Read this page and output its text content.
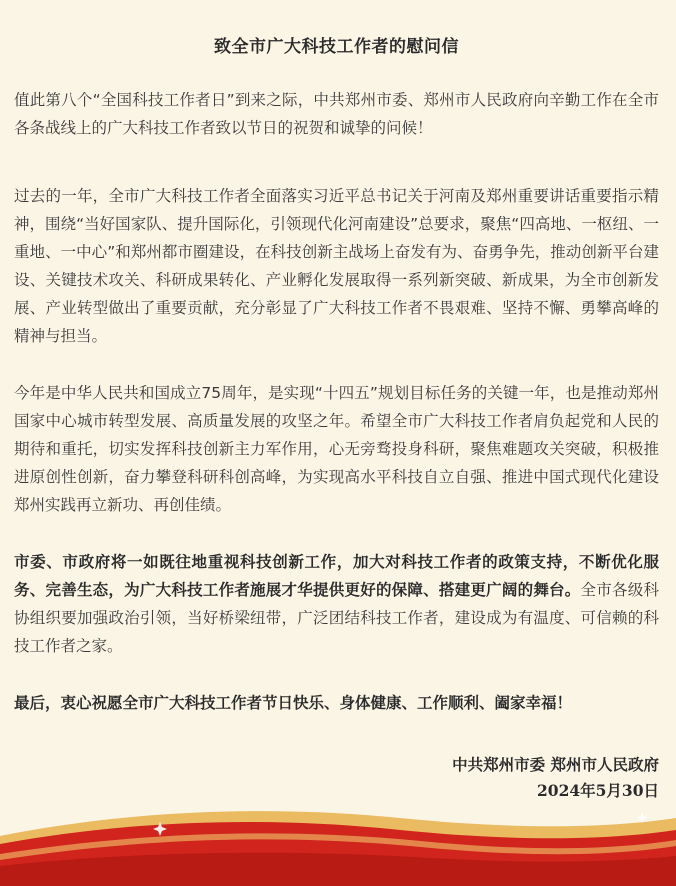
致全市广大科技工作者的慰问信

值此第八个“全国科技工作者日”到来之际，中共郑州市委、郑州市人民政府向辛勤工作在全市各条战线上的广大科技工作者致以节日的祝贺和诚挚的问候！

过去的一年，全市广大科技工作者全面落实习近平总书记关于河南及郑州重要讲话重要指示精神，围绕“当好国家队、提升国际化，引领现代化河南建设”总要求，聚焦“四高地、一枢纽、一重地、一中心”和郑州都市圈建设，在科技创新主战场上奋发有为、奋勇争先，推动创新平台建设、关键技术攻关、科研成果转化、产业孵化发展取得一系列新突破、新成果，为全市创新发展、产业转型做出了重要贡献，充分彰显了广大科技工作者不畏艰难、坚持不懈、勇攀高峰的精神与担当。

今年是中华人民共和国成立75周年，是实现“十四五”规划目标任务的关键一年，也是推动郑州国家中心城市转型发展、高质量发展的攻坚之年。希望全市广大科技工作者肩负起党和人民的期待和重托，切实发挥科技创新主力军作用，心无旁骛投身科研，聚焦难题攻关突破，积极推进原创性创新，奋力攀登科研科创高峰，为实现高水平科技自立自强、推进中国式现代化建设郑州实践再立新功、再创佳绩。

市委、市政府将一如既往地重视科技创新工作，加大对科技工作者的政策支持，不断优化服务、完善生态，为广大科技工作者施展才华提供更好的保障、搭建更广阔的舞台。全市各级科协组织要加强政治引领，当好桥梁纽带，广泛团结科技工作者，建设成为有温度、可信赖的科技工作者之家。

最后，衷心祝愿全市广大科技工作者节日快乐、身体健康、工作顺利、阖家幸福！

中共郑州市委 郑州市人民政府
2024年5月30日
